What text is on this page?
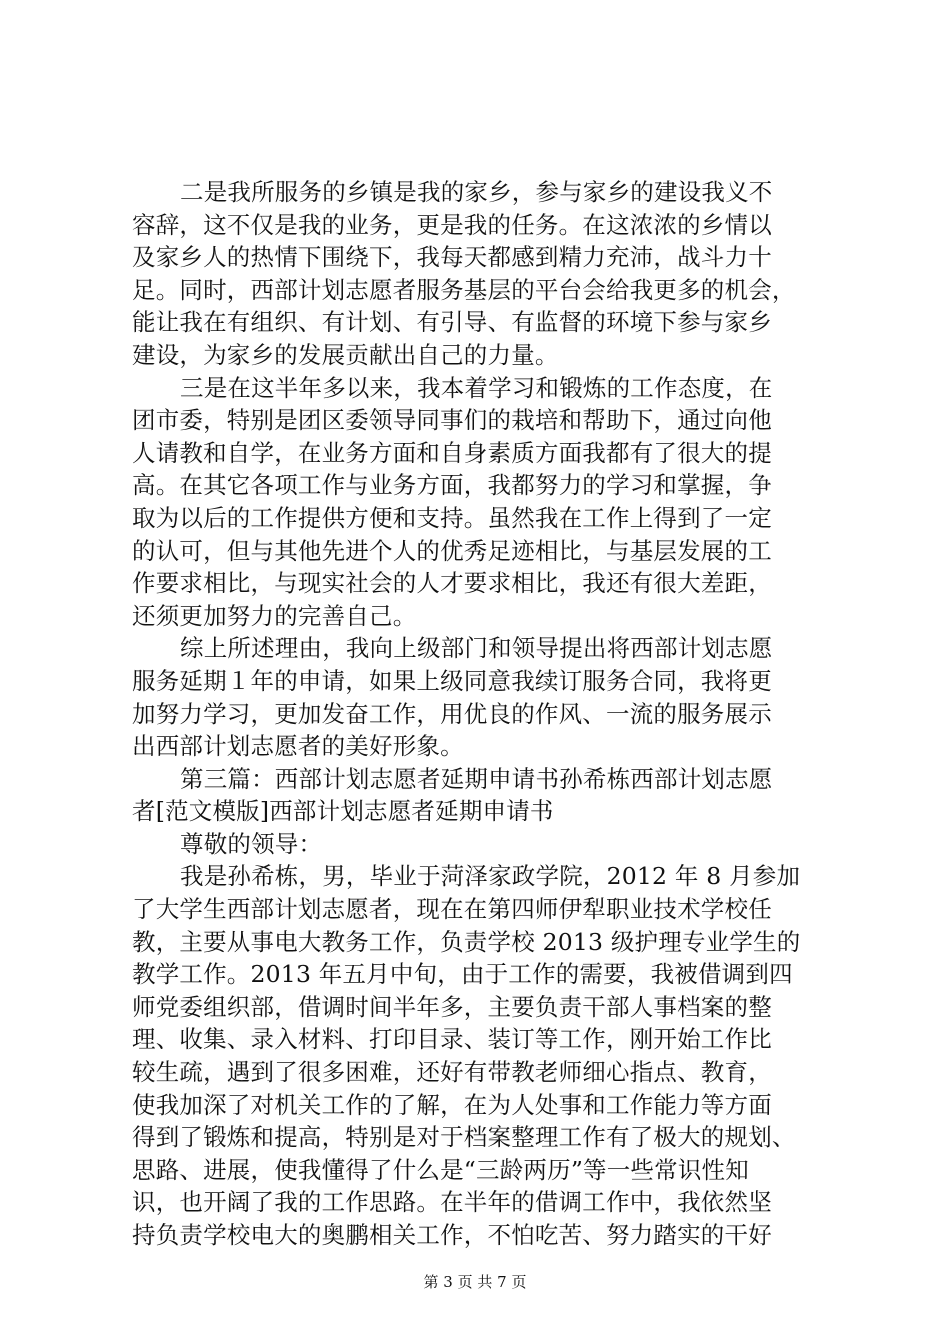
二是我所服务的乡镇是我的家乡，参与家乡的建设我义不
容辞，这不仅是我的业务，更是我的任务。在这浓浓的乡情以
及家乡人的热情下围绕下，我每天都感到精力充沛，战斗力十
足。同时，西部计划志愿者服务基层的平台会给我更多的机会，
能让我在有组织、有计划、有引导、有监督的环境下参与家乡
建设，为家乡的发展贡献出自己的力量。
三是在这半年多以来，我本着学习和锻炼的工作态度，在
团市委，特别是团区委领导同事们的栽培和帮助下，通过向他
人请教和自学，在业务方面和自身素质方面我都有了很大的提
高。在其它各项工作与业务方面，我都努力的学习和掌握，争
取为以后的工作提供方便和支持。虽然我在工作上得到了一定
的认可，但与其他先进个人的优秀足迹相比，与基层发展的工
作要求相比，与现实社会的人才要求相比，我还有很大差距，
还须更加努力的完善自己。
综上所述理由，我向上级部门和领导提出将西部计划志愿
服务延期１年的申请，如果上级同意我续订服务合同，我将更
加努力学习，更加发奋工作，用优良的作风、一流的服务展示
出西部计划志愿者的美好形象。
第三篇：西部计划志愿者延期申请书孙希栋西部计划志愿
者[范文模版]西部计划志愿者延期申请书
尊敬的领导：
我是孙希栋，男，毕业于菏泽家政学院，2012 年 8 月参加
了大学生西部计划志愿者，现在在第四师伊犁职业技术学校任
教，主要从事电大教务工作，负责学校 2013 级护理专业学生的
教学工作。2013 年五月中旬，由于工作的需要，我被借调到四
师党委组织部，借调时间半年多，主要负责干部人事档案的整
理、收集、录入材料、打印目录、装订等工作，刚开始工作比
较生疏，遇到了很多困难，还好有带教老师细心指点、教育，
使我加深了对机关工作的了解，在为人处事和工作能力等方面
得到了锻炼和提高，特别是对于档案整理工作有了极大的规划、
思路、进展，使我懂得了什么是“三龄两历”等一些常识性知
识，也开阔了我的工作思路。在半年的借调工作中，我依然坚
持负责学校电大的奥鹏相关工作，不怕吃苦、努力踏实的干好
第 3 页 共 7 页
